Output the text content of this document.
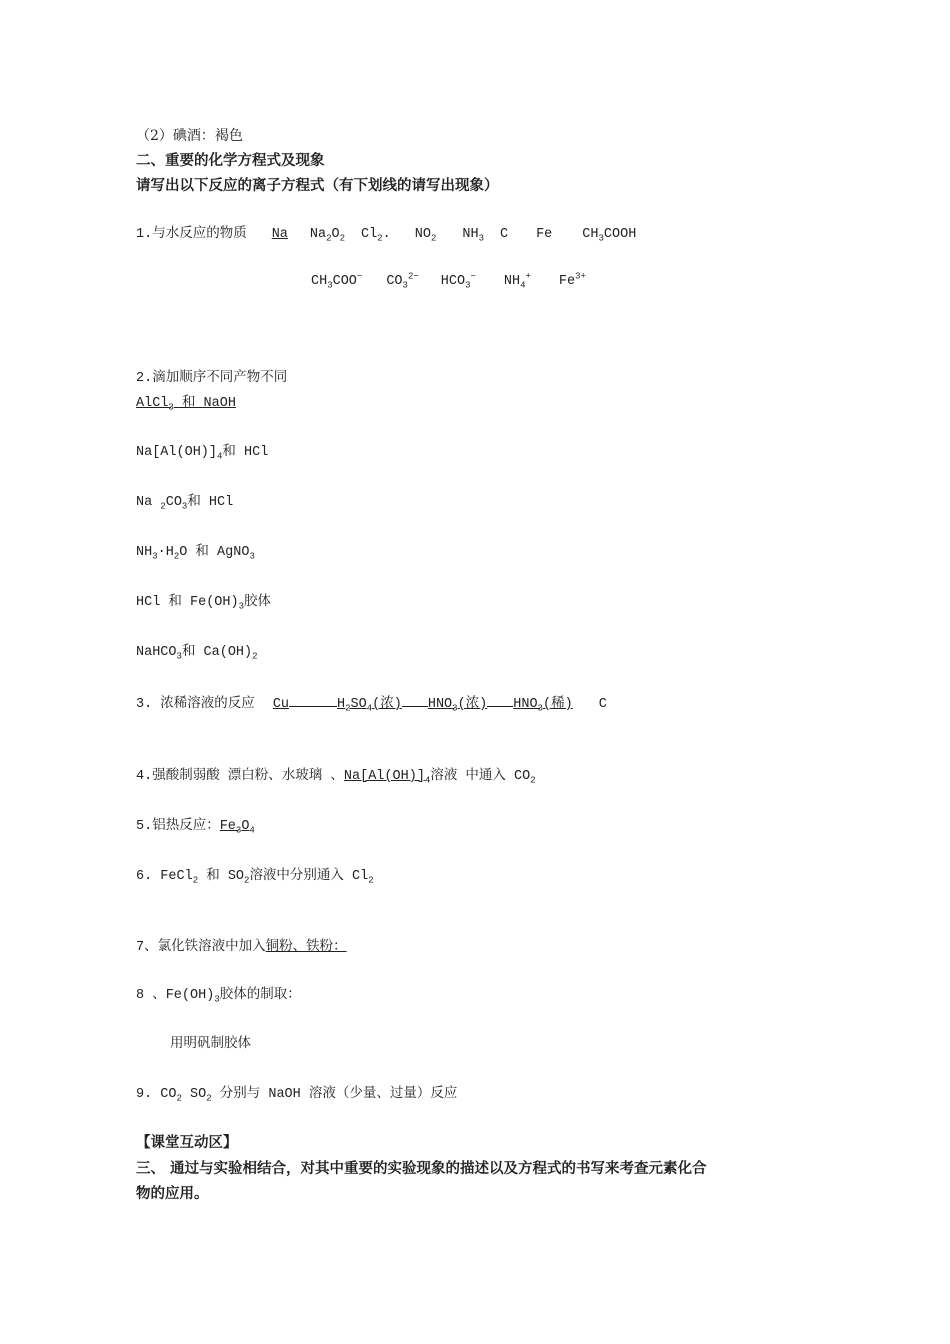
（2）碘酒：褐色
二、重要的化学方程式及现象
请写出以下反应的离子方程式（有下划线的请写出现象）
1.与水反应的物质 Na $Na_2O_2$ $Cl_2$. $NO_2$ $NH_3$ C Fe $CH_3COOH$
$CH_3COO^-$ $CO_3^{2-}$ $HCO_3^-$ $NH_4^+$ $Fe^{3+}$
2.滴加顺序不同产物不同
AlCl$_3$ 和 NaOH
$Na[Al(OH)]_4$和 HCl
Na $_2CO_3$和 HCl
$NH_3\cdot H_2O$ 和 AgNO$_3$
HCl 和 $Fe(OH)_3$胶体
NaHCO$_3$和 $Ca(OH)_2$
3. 浓稀溶液的反应 Cu	$H_2SO_4$(浓) $HNO_3$(浓) $HNO_3$(稀) C
4.强酸制弱酸 漂白粉、水玻璃 、$Na[Al(OH)]_4$溶液 中通入 $CO_2$
5.铝热反应：$Fe_3O_4$
6. FeCl$_2$ 和 $SO_2$溶液中分别通入 $Cl_2$
7、氯化铁溶液中加入铜粉、铁粉：
8 、$Fe(OH)_3$胶体的制取：
用明矾制胶体
9. $CO_2$ $SO_2$ 分别与 NaOH 溶液（少量、过量）反应
【课堂互动区】
三、 通过与实验相结合，对其中重要的实验现象的描述以及方程式的书写来考查元素化合
物的应用。
